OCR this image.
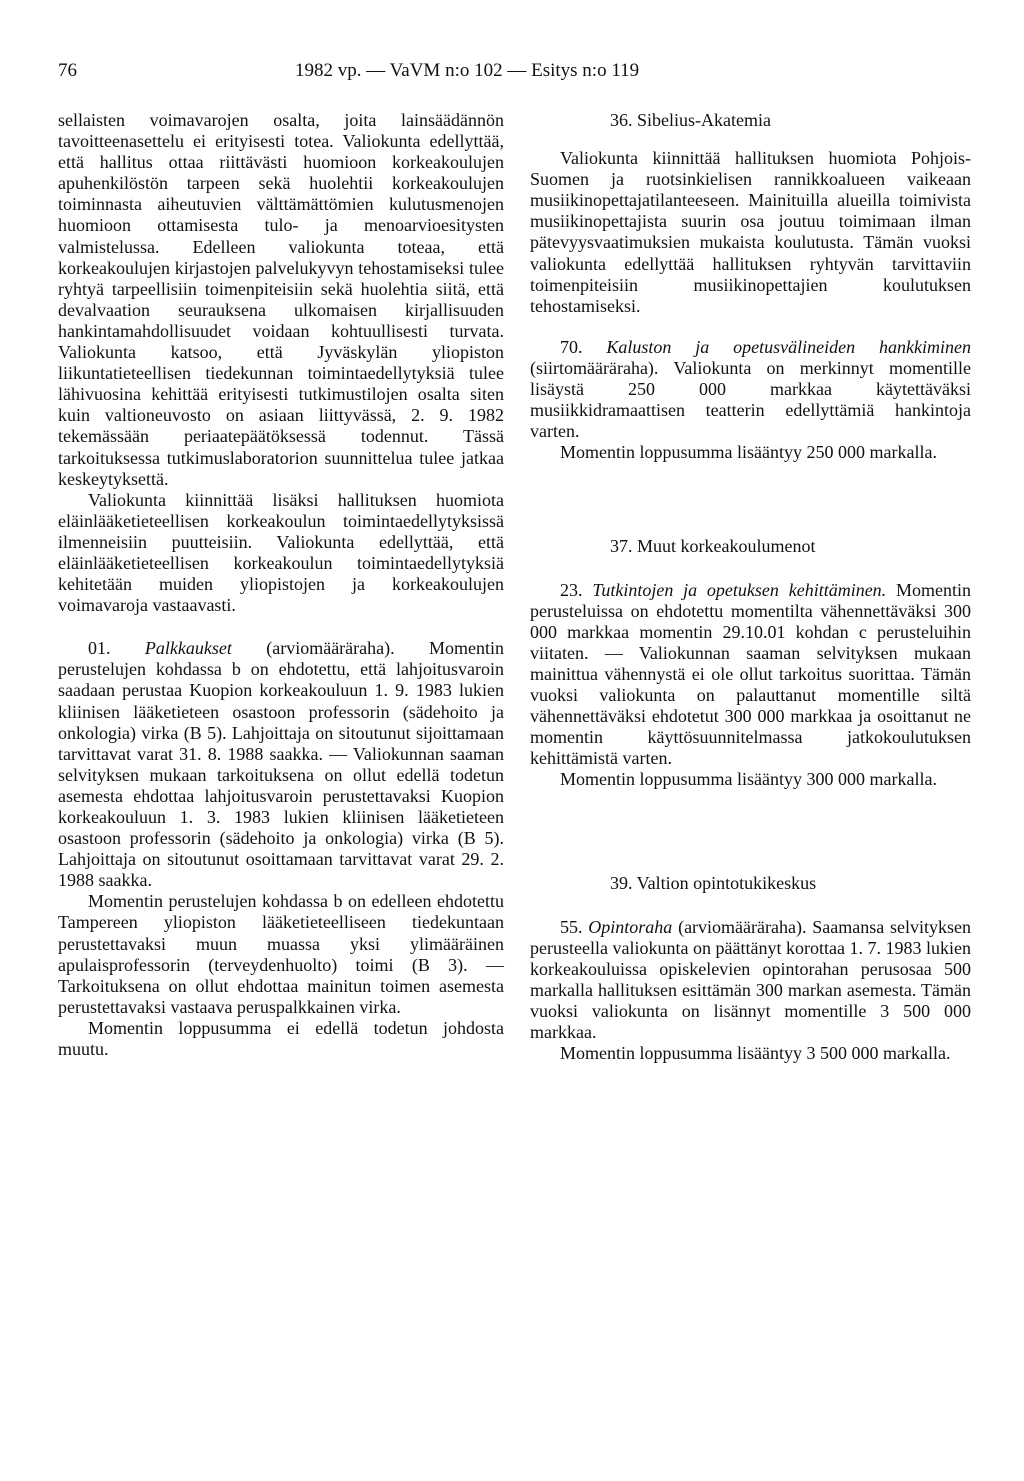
76	1982 vp. — VaVM n:o 102 — Esitys n:o 119

sellaisten voimavarojen osalta, joita lainsäädännön tavoitteenasettelu ei erityisesti totea. Valiokunta edellyttää, että hallitus ottaa riittävästi huomioon korkeakoulujen apuhenkilöstön tarpeen sekä huolehtii korkeakoulujen toiminnasta aiheutuvien välttämättömien kulutusmenojen huomioon ottamisesta tulo- ja menoarvioesitysten valmistelussa. Edelleen valiokunta toteaa, että korkeakoulujen kirjastojen palvelukyvyn tehostamiseksi tulee ryhtyä tarpeellisiin toimenpiteisiin sekä huolehtia siitä, että devalvaation seurauksena ulkomaisen kirjallisuuden hankintamahdollisuudet voidaan kohtuullisesti turvata. Valiokunta katsoo, että Jyväskylän yliopiston liikuntatieteellisen tiedekunnan toimintaedellytyksiä tulee lähivuosina kehittää erityisesti tutkimustilojen osalta siten kuin valtioneuvosto on asiaan liittyvässä, 2. 9. 1982 tekemässään periaatepäätöksessä todennut. Tässä tarkoituksessa tutkimuslaboratorion suunnittelua tulee jatkaa keskeytyksettä.

Valiokunta kiinnittää lisäksi hallituksen huomiota eläinlääketieteellisen korkeakoulun toimintaedellytyksissä ilmenneisiin puutteisiin. Valiokunta edellyttää, että eläinlääketieteellisen korkeakoulun toimintaedellytyksiä kehitetään muiden yliopistojen ja korkeakoulujen voimavaroja vastaavasti.

01. Palkkaukset (arviomääräraha). Momentin perustelujen kohdassa b on ehdotettu, että lahjoitusvaroin saadaan perustaa Kuopion korkeakouluun 1. 9. 1983 lukien kliinisen lääketieteen osastoon professorin (sädehoito ja onkologia) virka (B 5). Lahjoittaja on sitoutunut sijoittamaan tarvittavat varat 31. 8. 1988 saakka. — Valiokunnan saaman selvityksen mukaan tarkoituksena on ollut edellä todetun asemesta ehdottaa lahjoitusvaroin perustettavaksi Kuopion korkeakouluun 1. 3. 1983 lukien kliinisen lääketieteen osastoon professorin (sädehoito ja onkologia) virka (B 5). Lahjoittaja on sitoutunut osoittamaan tarvittavat varat 29. 2. 1988 saakka.

Momentin perustelujen kohdassa b on edelleen ehdotettu Tampereen yliopiston lääketieteelliseen tiedekuntaan perustettavaksi muun muassa yksi ylimääräinen apulaisprofessorin (terveydenhuolto) toimi (B 3). — Tarkoituksena on ollut ehdottaa mainitun toimen asemesta perustettavaksi vastaava peruspalkkainen virka.

Momentin loppusumma ei edellä todetun johdosta muutu.

36. Sibelius-Akatemia

Valiokunta kiinnittää hallituksen huomiota Pohjois-Suomen ja ruotsinkielisen rannikkoalueen vaikeaan musiikinopettajatilanteeseen. Mainituilla alueilla toimivista musiikinopettajista suurin osa joutuu toimimaan ilman pätevyysvaatimuksien mukaista koulutusta. Tämän vuoksi valiokunta edellyttää hallituksen ryhtyvän tarvittaviin toimenpiteisiin musiikinopettajien koulutuksen tehostamiseksi.

70. Kaluston ja opetusvälineiden hankkiminen (siirtomääräraha). Valiokunta on merkinnyt momentille lisäystä 250 000 markkaa käytettäväksi musiikkidramaattisen teatterin edellyttämiä hankintoja varten.

Momentin loppusumma lisääntyy 250 000 markalla.

37. Muut korkeakoulumenot

23. Tutkintojen ja opetuksen kehittäminen. Momentin perusteluissa on ehdotettu momentilta vähennettäväksi 300 000 markkaa momentin 29.10.01 kohdan c perusteluihin viitaten. — Valiokunnan saaman selvityksen mukaan mainittua vähennystä ei ole ollut tarkoitus suorittaa. Tämän vuoksi valiokunta on palauttanut momentille siltä vähennettäväksi ehdotetut 300 000 markkaa ja osoittanut ne momentin käyttösuunnitelmassa jatkokoulutuksen kehittämistä varten.

Momentin loppusumma lisääntyy 300 000 markalla.

39. Valtion opintotukikeskus

55. Opintoraha (arviomääräraha). Saamansa selvityksen perusteella valiokunta on päättänyt korottaa 1. 7. 1983 lukien korkeakouluissa opiskelevien opintorahan perusosaa 500 markalla hallituksen esittämän 300 markan asemesta. Tämän vuoksi valiokunta on lisännyt momentille 3 500 000 markkaa.

Momentin loppusumma lisääntyy 3 500 000 markalla.
